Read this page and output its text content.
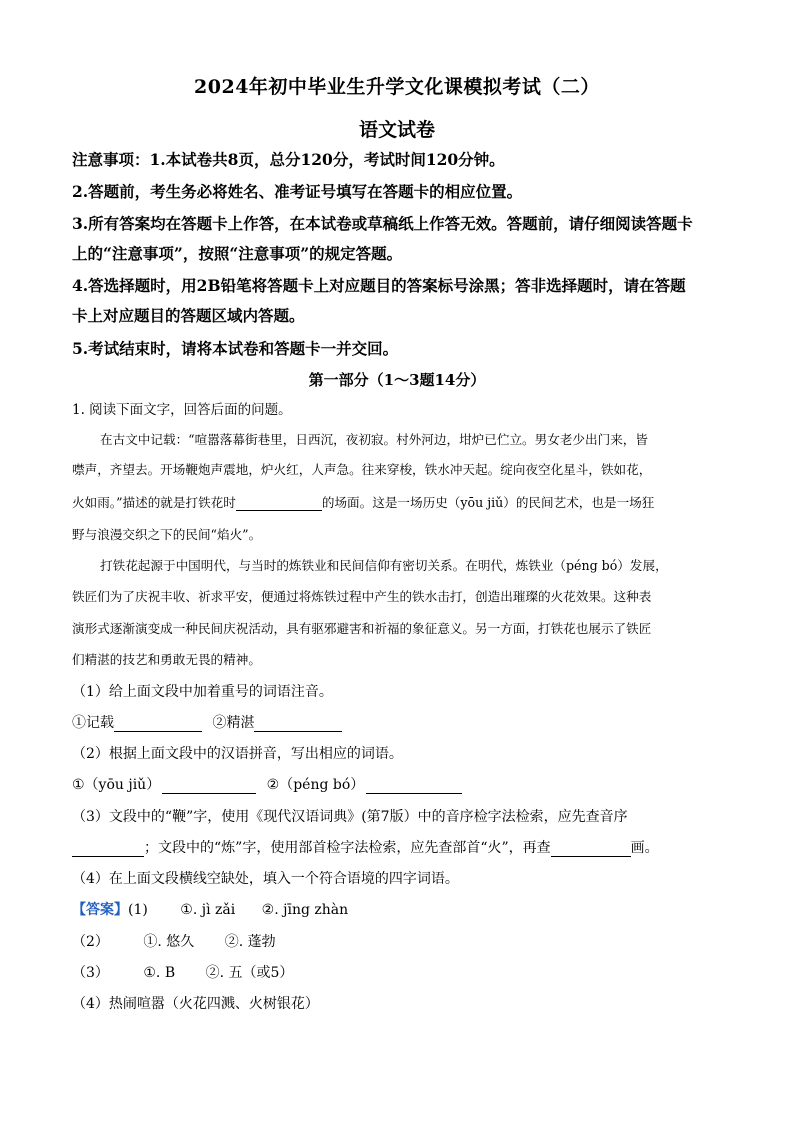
2024年初中毕业生升学文化课模拟考试（二）
语文试卷
注意事项：1.本试卷共8页，总分120分，考试时间120分钟。
2.答题前，考生务必将姓名、准考证号填写在答题卡的相应位置。
3.所有答案均在答题卡上作答，在本试卷或草稿纸上作答无效。答题前，请仔细阅读答题卡
上的“注意事项”，按照“注意事项”的规定答题。
4.答选择题时，用2B铅笔将答题卡上对应题目的答案标号涂黑；答非选择题时，请在答题
卡上对应题目的答题区域内答题。
5.考试结束时，请将本试卷和答题卡一并交回。
第一部分（1～3题14分）
1. 阅读下面文字，回答后面的问题。
在古文中记载：“喧嚣落幕街巷里，日西沉，夜初寂。村外河边，坩炉已伫立。男女老少出门来，皆
噤声，齐望去。开场鞭炮声震地，炉火红，人声急。往来穿梭，铁水冲天起。绽向夜空化星斗，铁如花，
火如雨。”描述的就是打铁花时	的场面。这是一场历史（yōu jiǔ）的民间艺术，也是一场狂
野与浪漫交织之下的民间“焰火”。
打铁花起源于中国明代，与当时的炼铁业和民间信仰有密切关系。在明代，炼铁业（péng bó）发展，
铁匠们为了庆祝丰收、祈求平安，便通过将炼铁过程中产生的铁水击打，创造出璀璨的火花效果。这种表
演形式逐渐演变成一种民间庆祝活动，具有驱邪避害和祈福的象征意义。另一方面，打铁花也展示了铁匠
们精湛的技艺和勇敢无畏的精神。
（1）给上面文段中加着重号的词语注音。
①记载	②精湛
（2）根据上面文段中的汉语拼音，写出相应的词语。
①（yōu jiǔ）	②（péng bó）
（3）文段中的“鞭”字，使用《现代汉语词典》(第7版）中的音序检字法检索，应先查音序
；文段中的“炼”字，使用部首检字法检索，应先查部首“火”，再查	画。
（4）在上面文段横线空缺处，填入一个符合语境的四字词语。
【答案】(1) ①. jì zǎi ②. jīng zhàn
（2） ①. 悠久 ②. 蓬勃
（3） ①. B ②. 五（或5）
（4）热闹喧嚣（火花四溅、火树银花）
